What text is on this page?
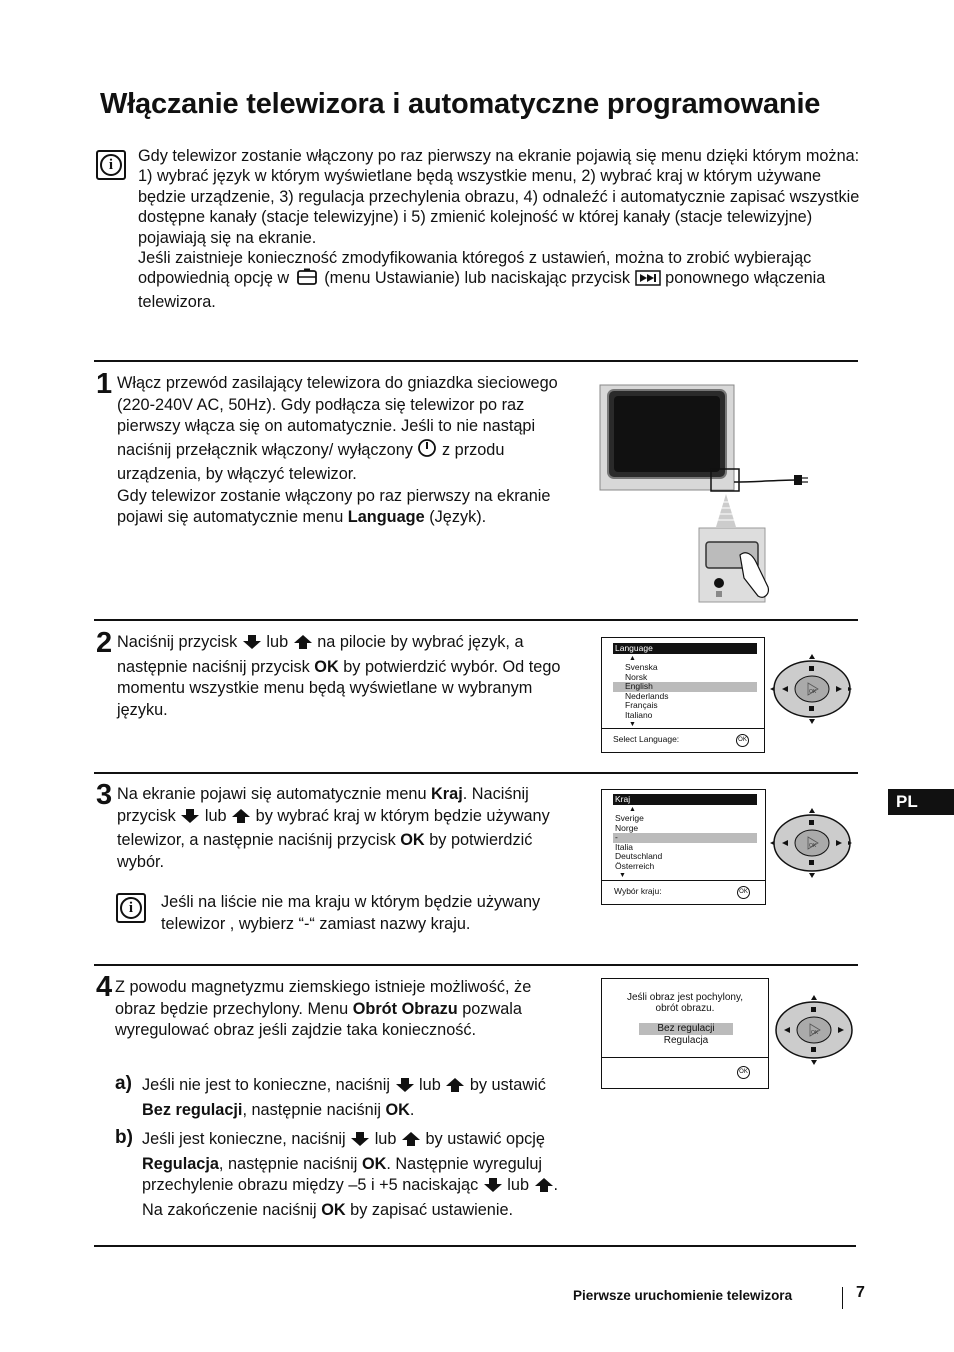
Włączanie telewizora i automatyczne programowanie
i	Gdy telewizor zostanie włączony po raz pierwszy na ekranie pojawią się menu dzięki którym można: 1) wybrać język w którym wyświetlane będą wszystkie menu, 2) wybrać kraj w którym używane będzie urządzenie, 3) regulacja przechylenia obrazu, 4) odnaleźć i automatycznie zapisać wszystkie dostępne kanały (stacje telewizyjne) i 5) zmienić kolejność w której kanały (stacje telewizyjne) pojawiają się na ekranie.

Jeśli zaistnieje konieczność zmodyfikowania któregoś z ustawień, można to zrobić wybierając odpowiednią opcję w (menu Ustawianie) lub naciskając przycisk ponownego włączenia telewizora.

1 Włącz przewód zasilający telewizora do gniazdka sieciowego (220-240V AC, 50Hz). Gdy podłącza się telewizor po raz pierwszy włącza się on automatycznie. Jeśli to nie nastąpi naciśnij przełącznik włączony/ wyłączony z przodu urządzenia, by włączyć telewizor.

Gdy telewizor zostanie włączony po raz pierwszy na ekranie pojawi się automatycznie menu Language (Język).

2 Naciśnij przycisk lub na pilocie by wybrać język, a następnie naciśnij przycisk OK by potwierdzić wybór. Od tego momentu wszystkie menu będą wyświetlane w wybranym języku.
Language
▲
Svenska
Norsk
English
Nederlands
Français
Italiano
▼
Select Language:	OK
OK
3 Na ekranie pojawi się automatycznie menu Kraj. Naciśnij przycisk lub by wybrać kraj w którym będzie używany telewizor, a następnie naciśnij przycisk OK by potwierdzić wybór.
i	Jeśli na liście nie ma kraju w którym będzie używany telewizor , wybierz “-“ zamiast nazwy kraju.
Kraj
▲
Sverige
Norge
-
Italia
Deutschland
Österreich
▼
Wybór kraju:	OK
OK
4 Z powodu magnetyzmu ziemskiego istnieje możliwość, że obraz będzie przechylony. Menu Obrót Obrazu pozwala wyregulować obraz jeśli zajdzie taka konieczność.
a) Jeśli nie jest to konieczne, naciśnij lub by ustawić Bez regulacji, następnie naciśnij OK.
b) Jeśli jest konieczne, naciśnij lub by ustawić opcję Regulacja, następnie naciśnij OK. Następnie wyreguluj przechylenie obrazu między –5 i +5 naciskając lub . Na zakończenie naciśnij OK by zapisać ustawienie.
Jeśli obraz jest pochylony,
obrót obrazu.
Bez regulacji
Regulacja
OK
OK
PL
Pierwsze uruchomienie telewizora	7
